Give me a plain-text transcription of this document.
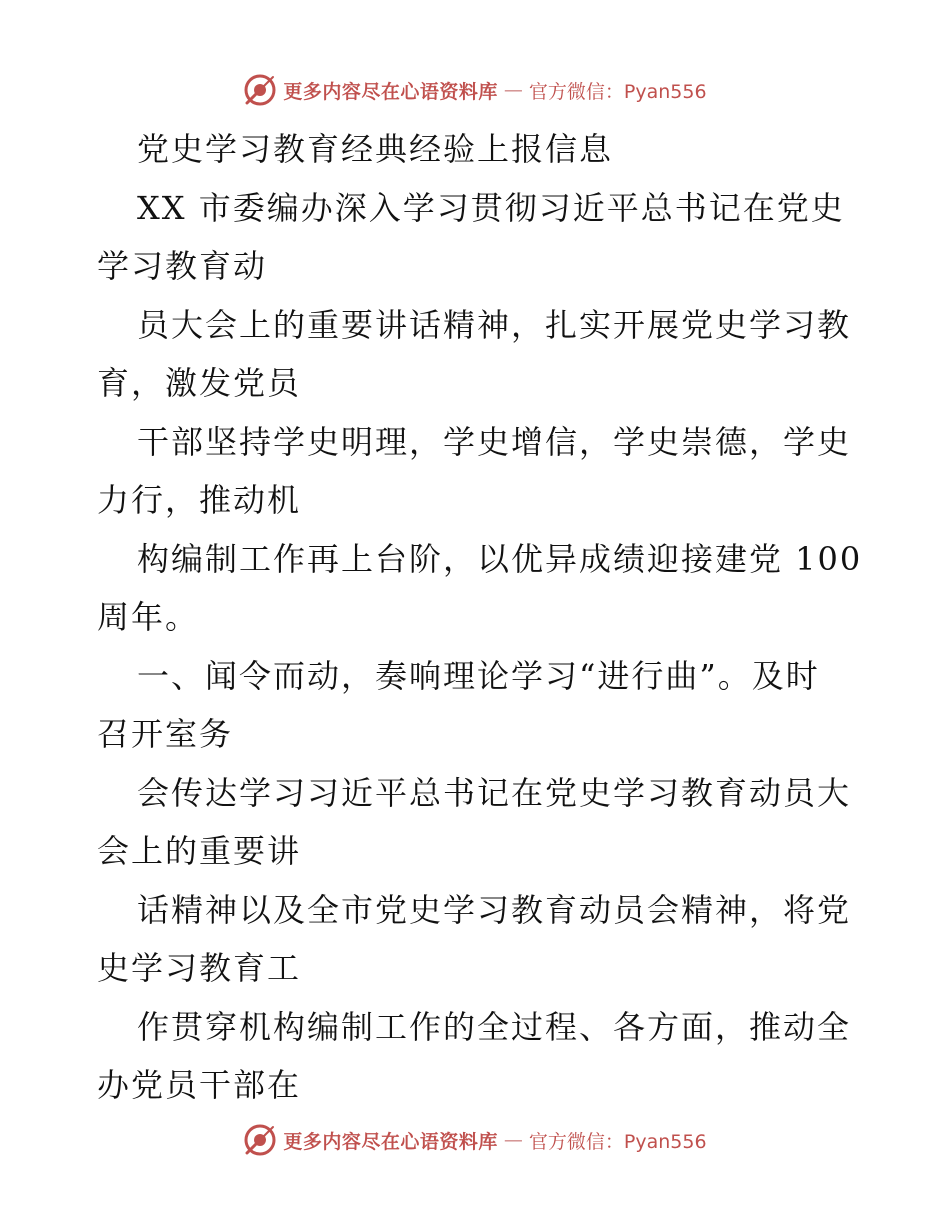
更多内容尽在心语资料库 — 官方微信：Pyan556
党史学习教育经典经验上报信息
XX 市委编办深入学习贯彻习近平总书记在党史
学习教育动
员大会上的重要讲话精神，扎实开展党史学习教
育，激发党员
干部坚持学史明理，学史增信，学史崇德，学史
力行，推动机
构编制工作再上台阶，以优异成绩迎接建党 100
周年。
一、闻令而动，奏响理论学习“进行曲”。及时
召开室务
会传达学习习近平总书记在党史学习教育动员大
会上的重要讲
话精神以及全市党史学习教育动员会精神，将党
史学习教育工
作贯穿机构编制工作的全过程、各方面，推动全
办党员干部在
更多内容尽在心语资料库 — 官方微信：Pyan556
